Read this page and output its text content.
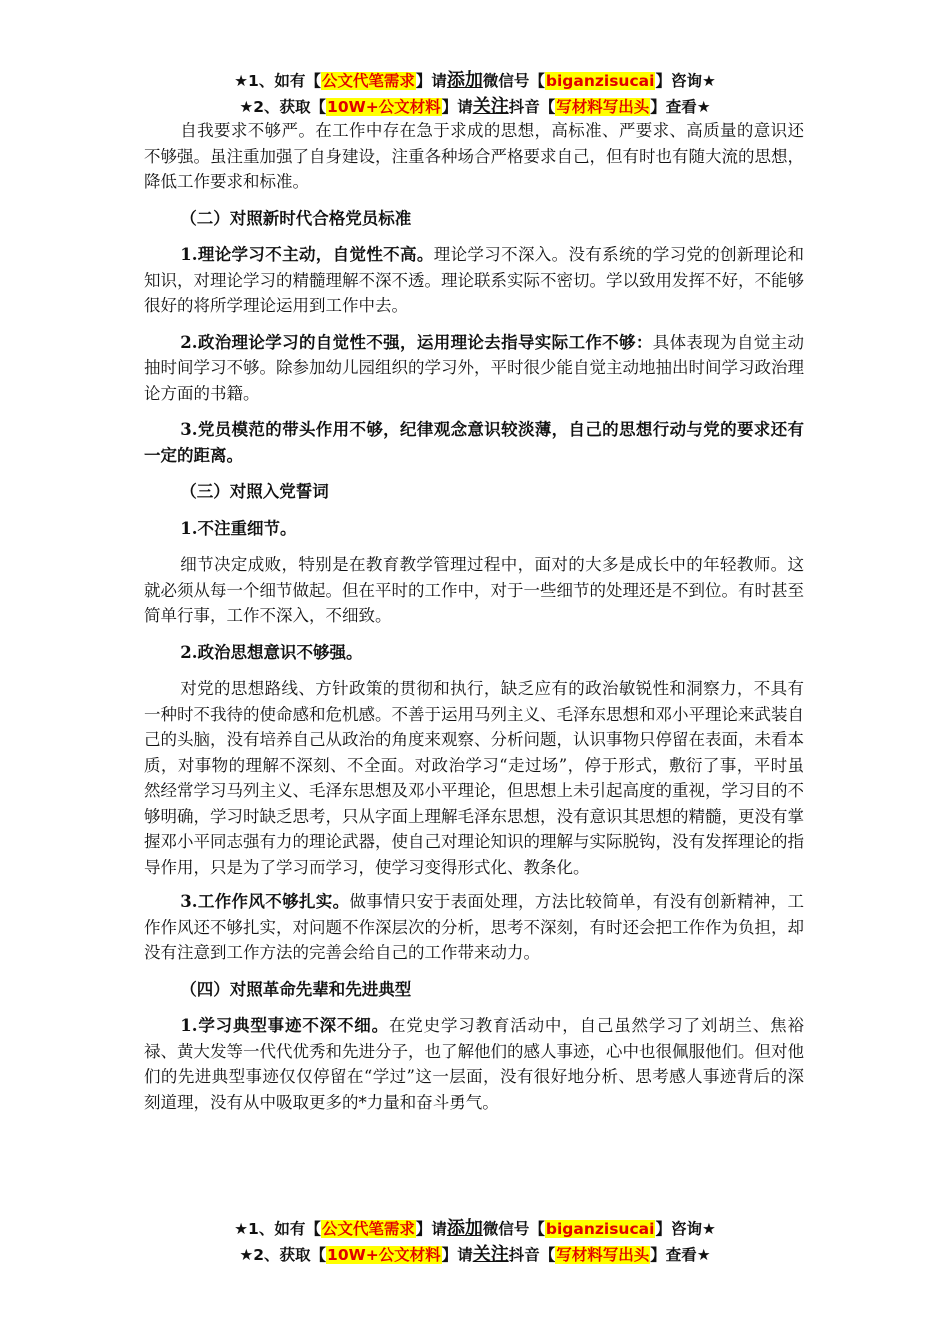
★1、如有【公文代笔需求】请添加微信号【biganzisucai】咨询★
★2、获取【10W+公文材料】请关注抖音【写材料写出头】查看★

自我要求不够严。在工作中存在急于求成的思想，高标准、严要求、高质量的意识还不够强。虽注重加强了自身建设，注重各种场合严格要求自己，但有时也有随大流的思想，降低工作要求和标准。

（二）对照新时代合格党员标准

1.理论学习不主动，自觉性不高。理论学习不深入。没有系统的学习党的创新理论和知识，对理论学习的精髓理解不深不透。理论联系实际不密切。学以致用发挥不好，不能够很好的将所学理论运用到工作中去。

2.政治理论学习的自觉性不强，运用理论去指导实际工作不够：具体表现为自觉主动抽时间学习不够。除参加幼儿园组织的学习外，平时很少能自觉主动地抽出时间学习政治理论方面的书籍。

3.党员模范的带头作用不够，纪律观念意识较淡薄，自己的思想行动与党的要求还有一定的距离。

（三）对照入党誓词
1.不注重细节。

细节决定成败，特别是在教育教学管理过程中，面对的大多是成长中的年轻教师。这就必须从每一个细节做起。但在平时的工作中，对于一些细节的处理还是不到位。有时甚至简单行事，工作不深入，不细致。

2.政治思想意识不够强。

对党的思想路线、方针政策的贯彻和执行，缺乏应有的政治敏锐性和洞察力，不具有一种时不我待的使命感和危机感。不善于运用马列主义、毛泽东思想和邓小平理论来武装自己的头脑，没有培养自己从政治的角度来观察、分析问题，认识事物只停留在表面，未看本质，对事物的理解不深刻、不全面。对政治学习“走过场”，停于形式，敷衍了事，平时虽然经常学习马列主义、毛泽东思想及邓小平理论，但思想上未引起高度的重视，学习目的不够明确，学习时缺乏思考，只从字面上理解毛泽东思想，没有意识其思想的精髓，更没有掌握邓小平同志强有力的理论武器，使自己对理论知识的理解与实际脱钩，没有发挥理论的指导作用，只是为了学习而学习，使学习变得形式化、教条化。

3.工作作风不够扎实。做事情只安于表面处理，方法比较简单，有没有创新精神，工作作风还不够扎实，对问题不作深层次的分析，思考不深刻，有时还会把工作作为负担，却没有注意到工作方法的完善会给自己的工作带来动力。

（四）对照革命先辈和先进典型

1.学习典型事迹不深不细。在党史学习教育活动中，自己虽然学习了刘胡兰、焦裕禄、黄大发等一代代优秀和先进分子，也了解他们的感人事迹，心中也很佩服他们。但对他们的先进典型事迹仅仅停留在“学过”这一层面，没有很好地分析、思考感人事迹背后的深刻道理，没有从中吸取更多的*力量和奋斗勇气。

★1、如有【公文代笔需求】请添加微信号【biganzisucai】咨询★
★2、获取【10W+公文材料】请关注抖音【写材料写出头】查看★
